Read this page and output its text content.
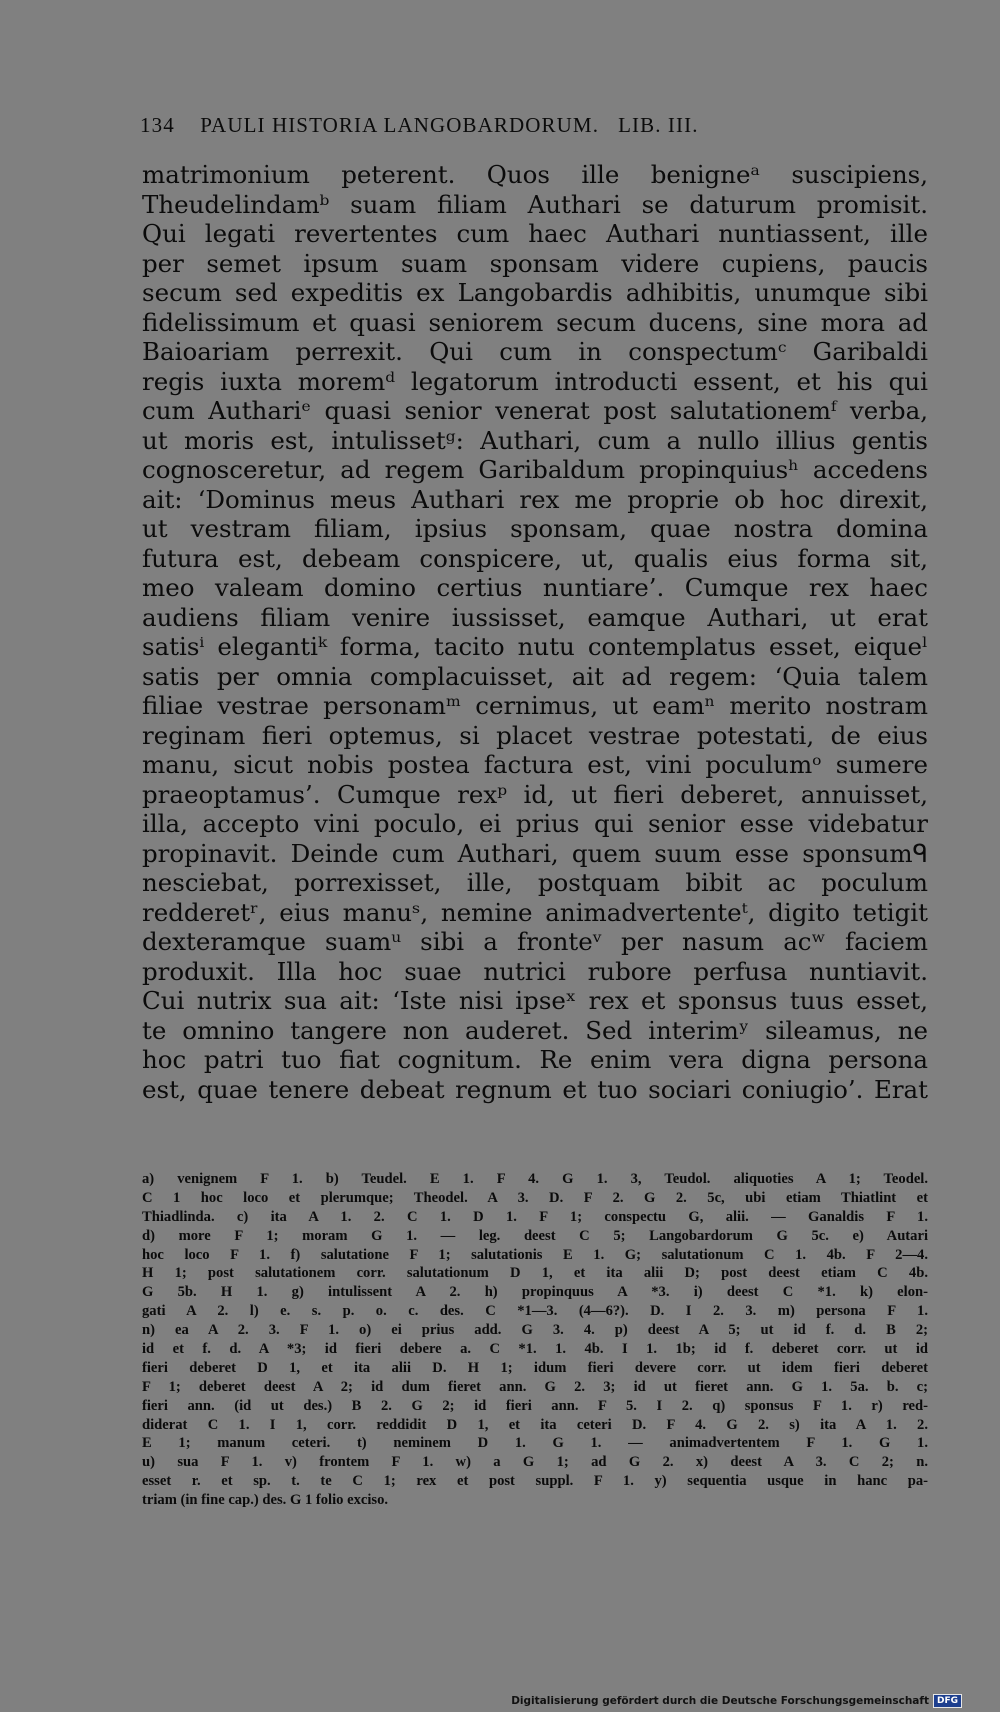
134    PAULI HISTORIA LANGOBARDORUM.   LIB. III.
matrimonium peterent. Quos ille benigneᵃ suscipiens,
Theudelindamᵇ suam filiam Authari se daturum promisit.
Qui legati revertentes cum haec Authari nuntiassent, ille
per semet ipsum suam sponsam videre cupiens, paucis
secum sed expeditis ex Langobardis adhibitis, unumque sibi
fidelissimum et quasi seniorem secum ducens, sine mora ad
Baioariam perrexit. Qui cum in conspectumᶜ Garibaldi
regis iuxta moremᵈ legatorum introducti essent, et his qui
cum Authariᵉ quasi senior venerat post salutationemᶠ verba,
ut moris est, intulissetᵍ: Authari, cum a nullo illius gentis
cognosceretur, ad regem Garibaldum propinquiusʰ accedens
ait: ‘Dominus meus Authari rex me proprie ob hoc direxit,
ut vestram filiam, ipsius sponsam, quae nostra domina
futura est, debeam conspicere, ut, qualis eius forma sit,
meo valeam domino certius nuntiare’. Cumque rex haec
audiens filiam venire iussisset, eamque Authari, ut erat
satisⁱ elegantiᵏ forma, tacito nutu contemplatus esset, eiqueˡ
satis per omnia complacuisset, ait ad regem: ‘Quia talem
filiae vestrae personamᵐ cernimus, ut eamⁿ merito nostram
reginam fieri optemus, si placet vestrae potestati, de eius
manu, sicut nobis postea factura est, vini poculumᵒ sumere
praeoptamus’. Cumque rexᵖ id, ut fieri deberet, annuisset,
illa, accepto vini poculo, ei prius qui senior esse videbatur
propinavit. Deinde cum Authari, quem suum esse sponsumᑫ
nesciebat, porrexisset, ille, postquam bibit ac poculum
redderetʳ, eius manuˢ, nemine animadvertenteᵗ, digito tetigit
dexteramque suamᵘ sibi a fronteᵛ per nasum acʷ faciem
produxit. Illa hoc suae nutrici rubore perfusa nuntiavit.
Cui nutrix sua ait: ‘Iste nisi ipseˣ rex et sponsus tuus esset,
te omnino tangere non auderet. Sed interimʸ sileamus, ne
hoc patri tuo fiat cognitum. Re enim vera digna persona
est, quae tenere debeat regnum et tuo sociari coniugio’. Erat
a) venignem F 1. b) Teudel. E 1. F 4. G 1. 3, Teudol. aliquoties A 1; Teodel.
C 1 hoc loco et plerumque; Theodel. A 3. D. F 2. G 2. 5c, ubi etiam Thiatlint et
Thiadlinda. c) ita A 1. 2. C 1. D 1. F 1; conspectu G, alii. — Ganaldis F 1.
d) more F 1; moram G 1. — leg. deest C 5; Langobardorum G 5c. e) Autari
hoc loco F 1. f) salutatione F 1; salutationis E 1. G; salutationum C 1. 4b. F 2—4.
H 1; post salutationem corr. salutationum D 1, et ita alii D; post deest etiam C 4b.
G 5b. H 1. g) intulissent A 2. h) propinquus A *3. i) deest C *1. k) elon-
gati A 2. l) e. s. p. o. c. des. C *1—3. (4—6?). D. I 2. 3. m) persona F 1.
n) ea A 2. 3. F 1. o) ei prius add. G 3. 4. p) deest A 5; ut id f. d. B 2;
id et f. d. A *3; id fieri debere a. C *1. 1. 4b. I 1. 1b; id f. deberet corr. ut id
fieri deberet D 1, et ita alii D. H 1; idum fieri devere corr. ut idem fieri deberet
F 1; deberet deest A 2; id dum fieret ann. G 2. 3; id ut fieret ann. G 1. 5a. b. c;
fieri ann. (id ut des.) B 2. G 2; id fieri ann. F 5. I 2. q) sponsus F 1. r) red-
diderat C 1. I 1, corr. reddidit D 1, et ita ceteri D. F 4. G 2. s) ita A 1. 2.
E 1; manum ceteri. t) neminem D 1. G 1. — animadvertentem F 1. G 1.
u) sua F 1. v) frontem F 1. w) a G 1; ad G 2. x) deest A 3. C 2; n.
esset r. et sp. t. te C 1; rex et post suppl. F 1. y) sequentia usque in hanc pa-
triam (in fine cap.) des. G 1 folio exciso.
Digitalisierung gefördert durch die Deutsche Forschungsgemeinschaft DFG
